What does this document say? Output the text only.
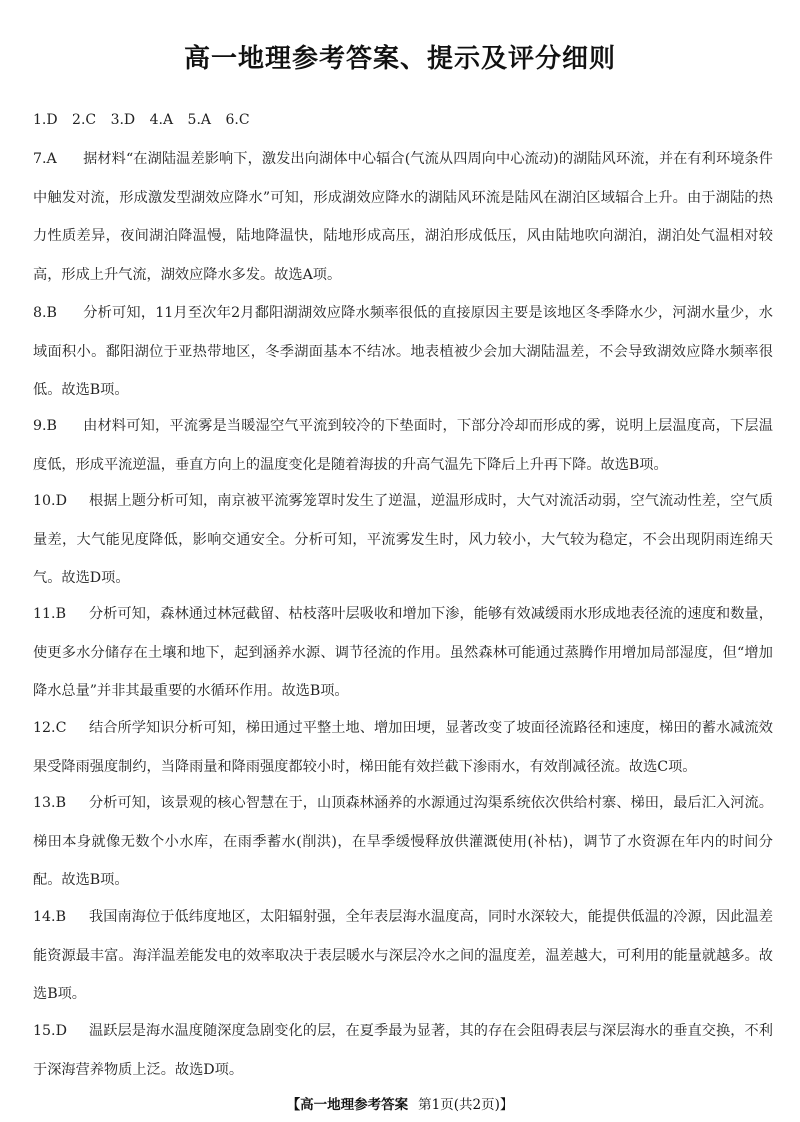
高一地理参考答案、提示及评分细则
1.D 2.C 3.D 4.A 5.A 6.C
7.A 据材料“在湖陆温差影响下，激发出向湖体中心辐合(气流从四周向中心流动)的湖陆风环流，并在有利环境条件中触发对流，形成激发型湖效应降水”可知，形成湖效应降水的湖陆风环流是陆风在湖泊区域辐合上升。由于湖陆的热力性质差异，夜间湖泊降温慢，陆地降温快，陆地形成高压，湖泊形成低压，风由陆地吹向湖泊，湖泊处气温相对较高，形成上升气流，湖效应降水多发。故选A项。
8.B 分析可知，11月至次年2月鄱阳湖湖效应降水频率很低的直接原因主要是该地区冬季降水少，河湖水量少，水域面积小。鄱阳湖位于亚热带地区，冬季湖面基本不结冰。地表植被少会加大湖陆温差，不会导致湖效应降水频率很低。故选B项。
9.B 由材料可知，平流雾是当暖湿空气平流到较冷的下垫面时，下部分冷却而形成的雾，说明上层温度高，下层温度低，形成平流逆温，垂直方向上的温度变化是随着海拔的升高气温先下降后上升再下降。故选B项。
10.D 根据上题分析可知，南京被平流雾笼罩时发生了逆温，逆温形成时，大气对流活动弱，空气流动性差，空气质量差，大气能见度降低，影响交通安全。分析可知，平流雾发生时，风力较小，大气较为稳定，不会出现阴雨连绵天气。故选D项。
11.B 分析可知，森林通过林冠截留、枯枝落叶层吸收和增加下渗，能够有效减缓雨水形成地表径流的速度和数量，使更多水分储存在土壤和地下，起到涵养水源、调节径流的作用。虽然森林可能通过蒸腾作用增加局部湿度，但“增加降水总量”并非其最重要的水循环作用。故选B项。
12.C 结合所学知识分析可知，梯田通过平整土地、增加田埂，显著改变了坡面径流路径和速度，梯田的蓄水减流效果受降雨强度制约，当降雨量和降雨强度都较小时，梯田能有效拦截下渗雨水，有效削减径流。故选C项。
13.B 分析可知，该景观的核心智慧在于，山顶森林涵养的水源通过沟渠系统依次供给村寨、梯田，最后汇入河流。梯田本身就像无数个小水库，在雨季蓄水(削洪)，在旱季缓慢释放供灌溉使用(补枯)，调节了水资源在年内的时间分配。故选B项。
14.B 我国南海位于低纬度地区，太阳辐射强，全年表层海水温度高，同时水深较大，能提供低温的冷源，因此温差能资源最丰富。海洋温差能发电的效率取决于表层暖水与深层冷水之间的温度差，温差越大，可利用的能量就越多。故选B项。
15.D 温跃层是海水温度随深度急剧变化的层，在夏季最为显著，其的存在会阻碍表层与深层海水的垂直交换，不利于深海营养物质上泛。故选D项。
【高一地理参考答案 第1页(共2页)】
